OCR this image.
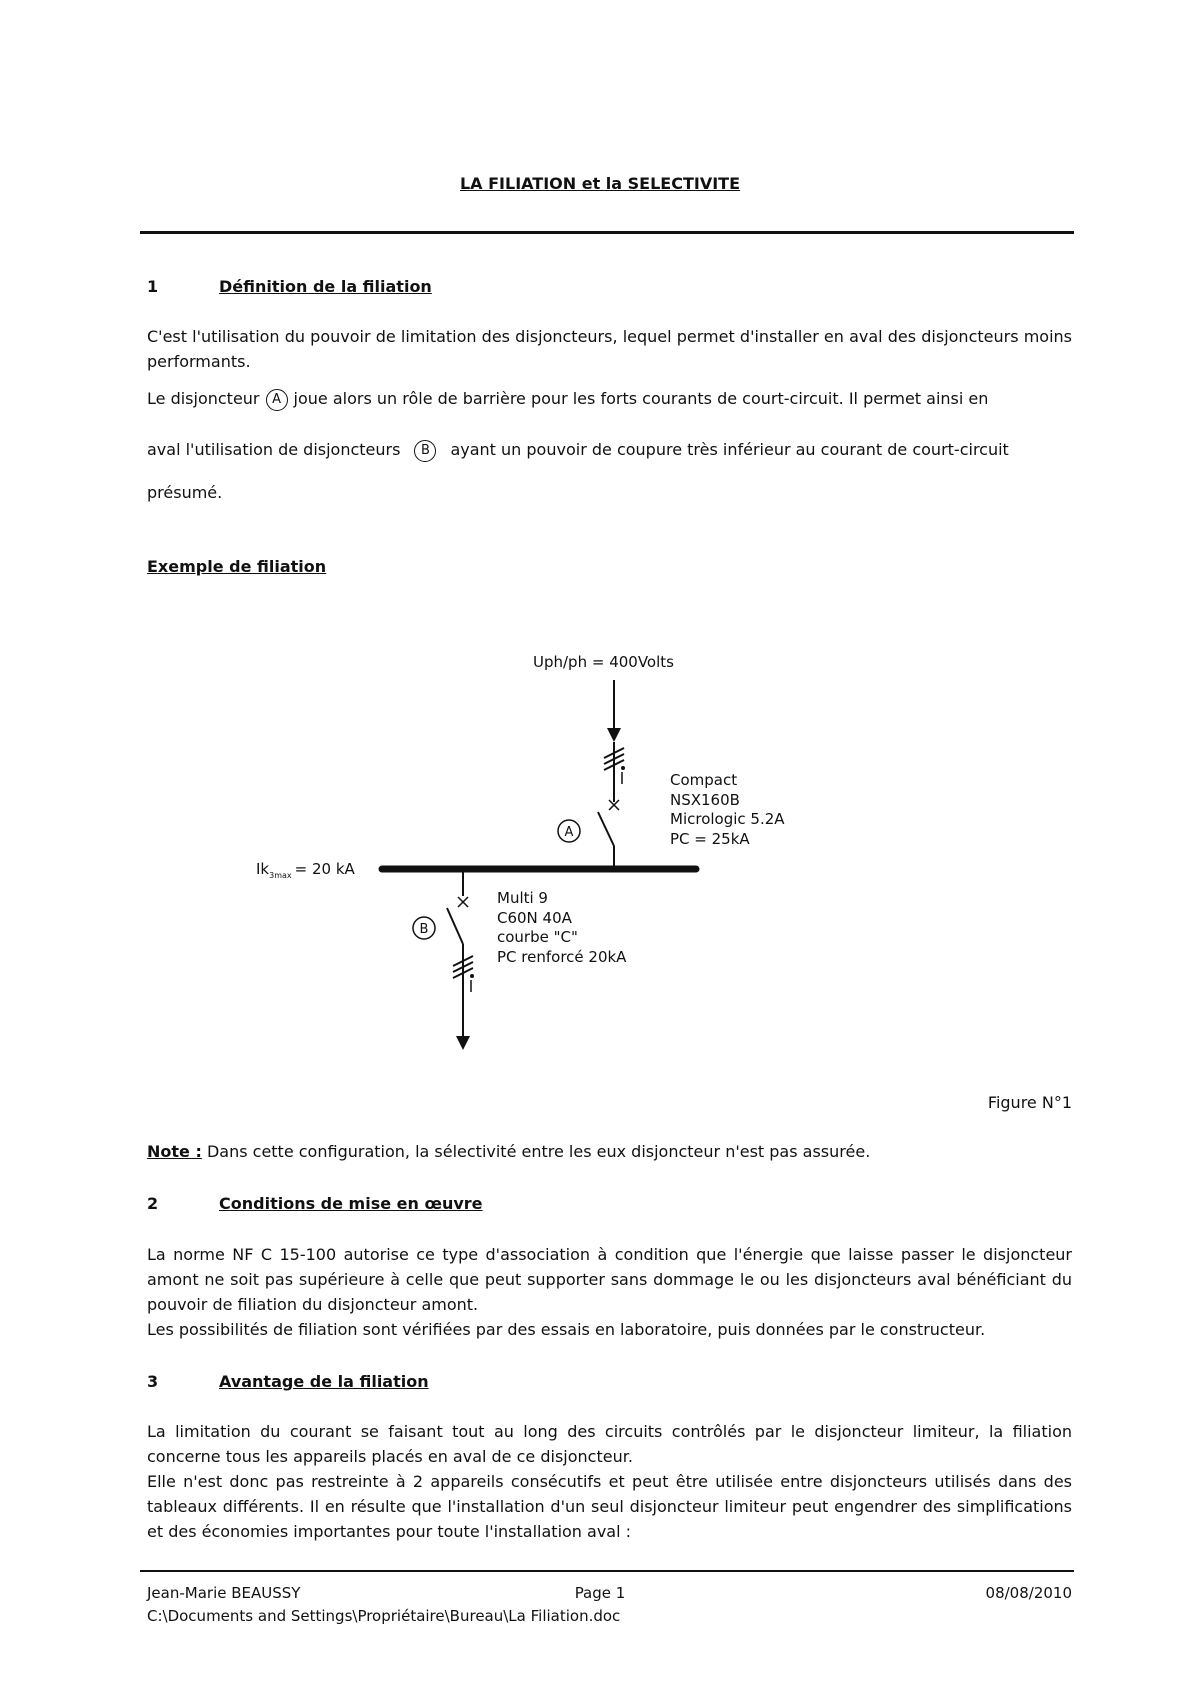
LA FILIATION et la SELECTIVITE
1	Définition de la filiation
C'est l'utilisation du pouvoir de limitation des disjoncteurs, lequel permet d'installer en aval des disjoncteurs moins performants.
Le disjoncteur A joue alors un rôle de barrière pour les forts courants de court-circuit. Il permet ainsi en
aval l'utilisation de disjoncteurs B ayant un pouvoir de coupure très inférieur au courant de court-circuit
présumé.
Exemple de filiation
Uph/ph = 400Volts
A
Compact
NSX160B
Micrologic 5.2A
PC = 25kA
$Ik_{3max} = 20$ kA
B
Multi 9
C60N 40A
courbe "C"
PC renforcé 20kA
Figure N°1
Note : Dans cette configuration, la sélectivité entre les eux disjoncteur n'est pas assurée.
2	Conditions de mise en œuvre
La norme NF C 15-100 autorise ce type d'association à condition que l'énergie que laisse passer le disjoncteur amont ne soit pas supérieure à celle que peut supporter sans dommage le ou les disjoncteurs aval bénéficiant du pouvoir de filiation du disjoncteur amont.
Les possibilités de filiation sont vérifiées par des essais en laboratoire, puis données par le constructeur.
3	Avantage de la filiation
La limitation du courant se faisant tout au long des circuits contrôlés par le disjoncteur limiteur, la filiation concerne tous les appareils placés en aval de ce disjoncteur.
Elle n'est donc pas restreinte à 2 appareils consécutifs et peut être utilisée entre disjoncteurs utilisés dans des tableaux différents. Il en résulte que l'installation d'un seul disjoncteur limiteur peut engendrer des simplifications et des économies importantes pour toute l'installation aval :
Jean-Marie BEAUSSY	Page 1	08/08/2010
C:\Documents and Settings\Propriétaire\Bureau\La Filiation.doc
